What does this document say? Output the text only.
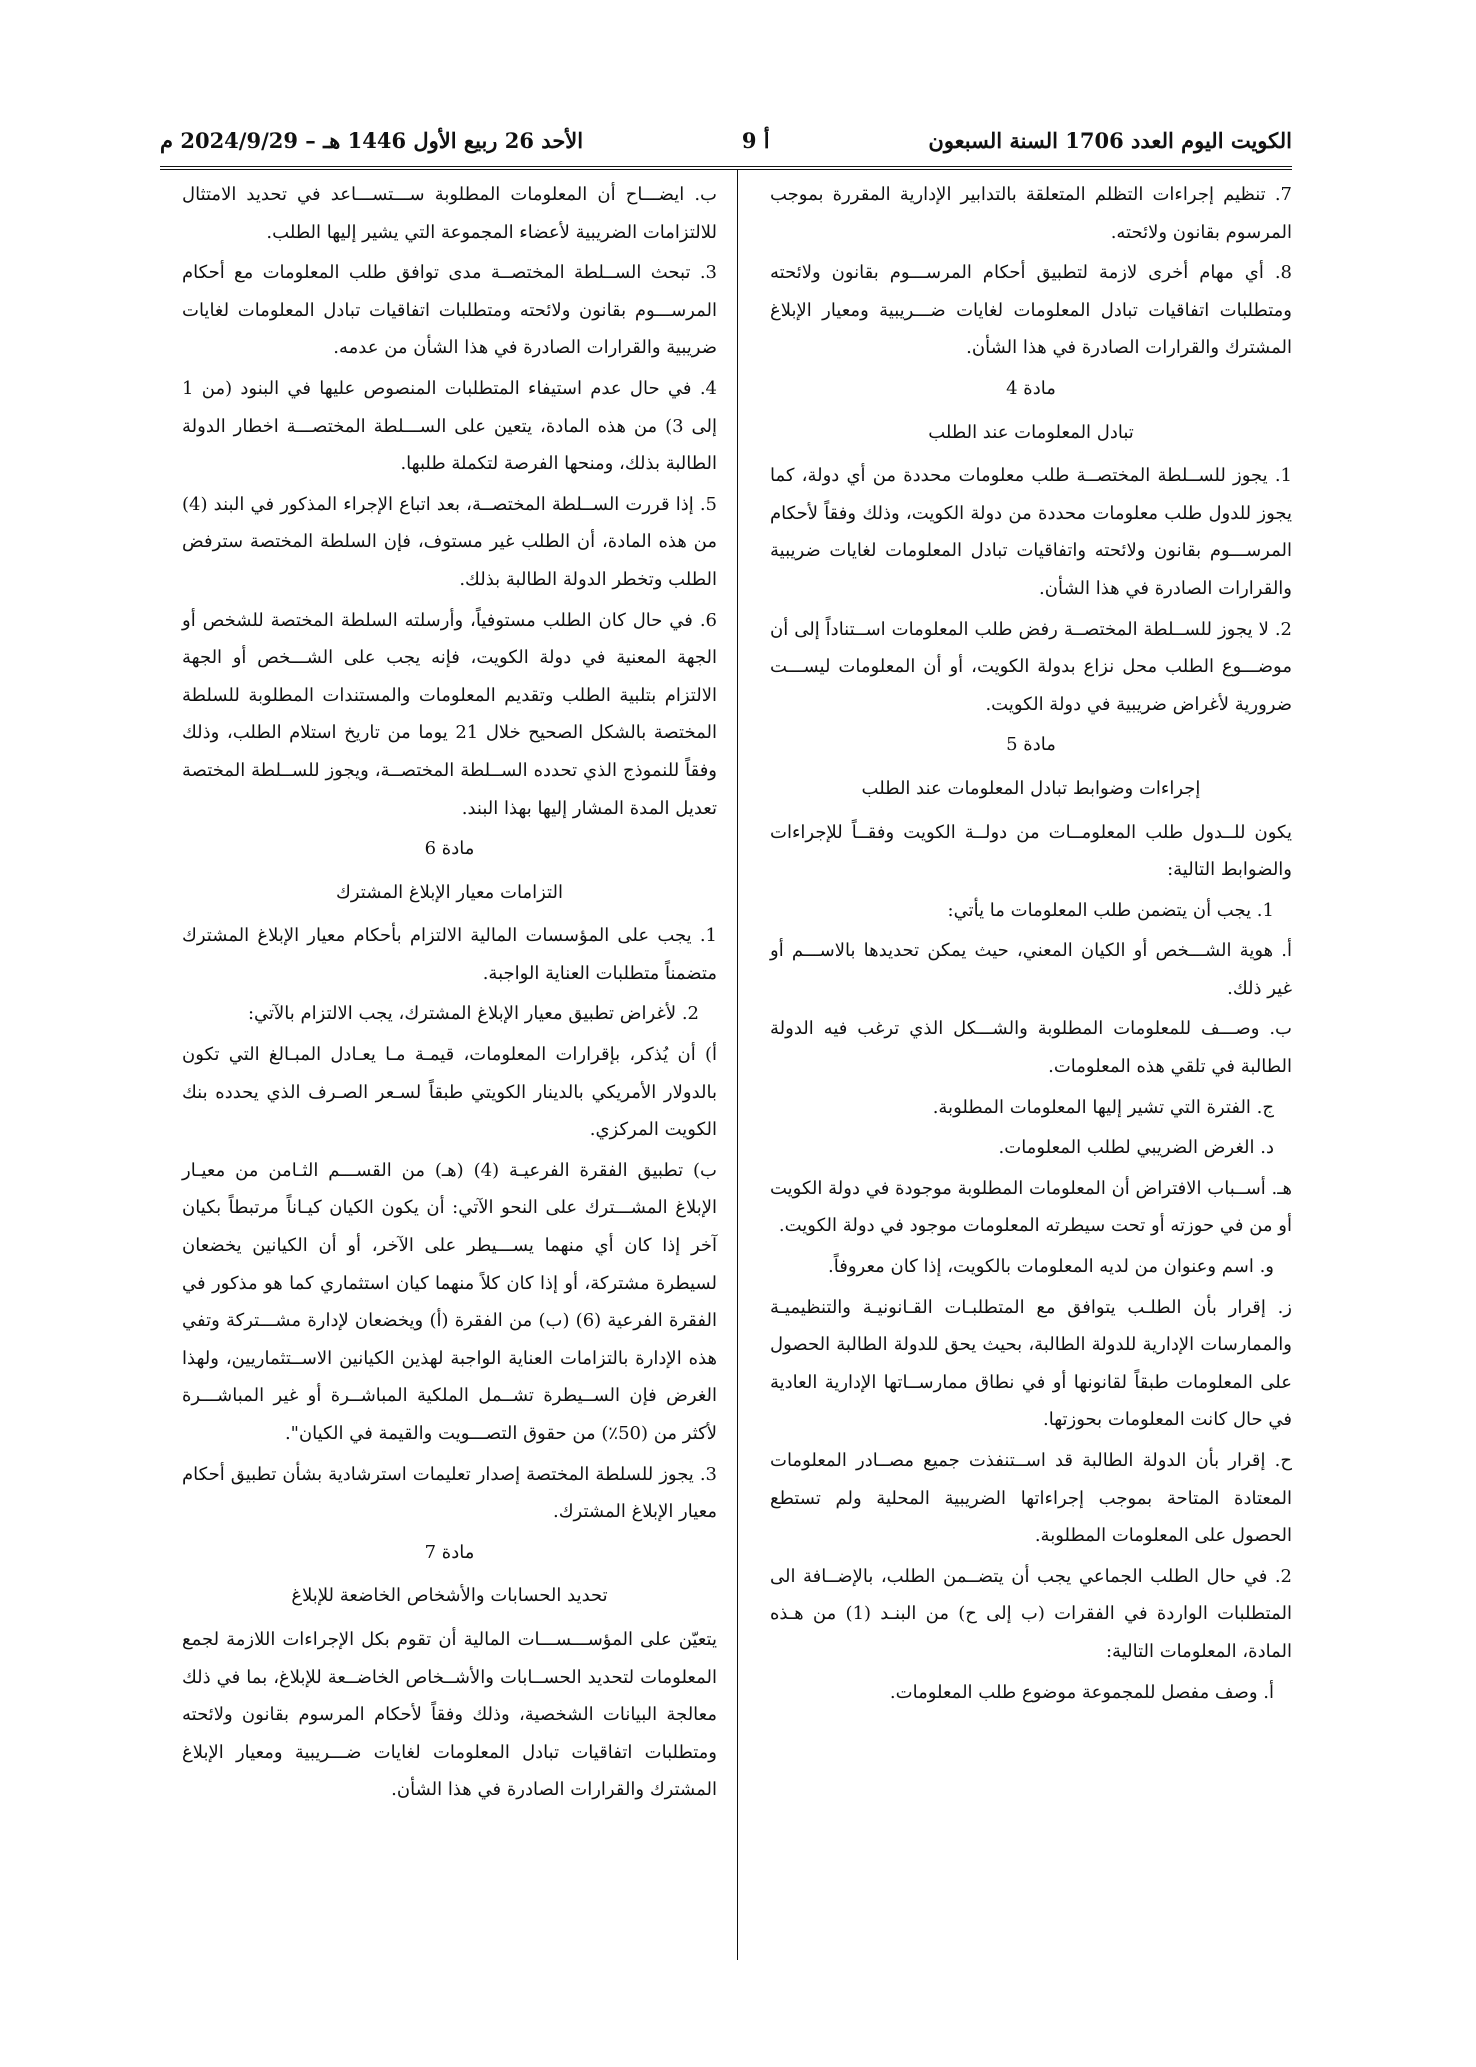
الكويت اليوم العدد 1706 السنة السبعون
أ 9
الأحد 26 ربيع الأول 1446 هـ – 2024/9/29 م

7. تنظيم إجراءات التظلم المتعلقة بالتدابير الإدارية المقررة بموجب المرسوم بقانون ولائحته.

8. أي مهام أخرى لازمة لتطبيق أحكام المرســـوم بقانون ولائحته ومتطلبات اتفاقيات تبادل المعلومات لغايات ضـــريبية ومعيار الإبلاغ المشترك والقرارات الصادرة في هذا الشأن.

مادة 4

تبادل المعلومات عند الطلب

1. يجوز للســلطة المختصــة طلب معلومات محددة من أي دولة، كما يجوز للدول طلب معلومات محددة من دولة الكويت، وذلك وفقاً لأحكام المرســـوم بقانون ولائحته واتفاقيات تبادل المعلومات لغايات ضريبية والقرارات الصادرة في هذا الشأن.

2. لا يجوز للســلطة المختصــة رفض طلب المعلومات اســتناداً إلى أن موضـــوع الطلب محل نزاع بدولة الكويت، أو أن المعلومات ليســـت ضرورية لأغراض ضريبية في دولة الكويت.

مادة 5

إجراءات وضوابط تبادل المعلومات عند الطلب

يكون للــدول طلب المعلومــات من دولــة الكويت وفقــاً للإجراءات والضوابط التالية:

1. يجب أن يتضمن طلب المعلومات ما يأتي:

أ. هوية الشـــخص أو الكيان المعني، حيث يمكن تحديدها بالاســـم أو غير ذلك.

ب. وصـــف للمعلومات المطلوبة والشـــكل الذي ترغب فيه الدولة الطالبة في تلقي هذه المعلومات.

ج. الفترة التي تشير إليها المعلومات المطلوبة.

د. الغرض الضريبي لطلب المعلومات.

هـ. أســباب الافتراض أن المعلومات المطلوبة موجودة في دولة الكويت أو من في حوزته أو تحت سيطرته المعلومات موجود في دولة الكويت.

و. اسم وعنوان من لديه المعلومات بالكويت، إذا كان معروفاً.

ز. إقرار بأن الطلـب يتوافق مع المتطلبـات القـانونيـة والتنظيميـة والممارسات الإدارية للدولة الطالبة، بحيث يحق للدولة الطالبة الحصول على المعلومات طبقاً لقانونها أو في نطاق ممارســاتها الإدارية العادية في حال كانت المعلومات بحوزتها.

ح. إقرار بأن الدولة الطالبة قد اســتنفذت جميع مصــادر المعلومات المعتادة المتاحة بموجب إجراءاتها الضريبية المحلية ولم تستطع الحصول على المعلومات المطلوبة.

2. في حال الطلب الجماعي يجب أن يتضــمن الطلب، بالإضــافة الى المتطلبات الواردة في الفقرات (ب إلى ح) من البنـد (1) من هـذه المادة، المعلومات التالية:

أ. وصف مفصل للمجموعة موضوع طلب المعلومات.

ب. ايضـــاح أن المعلومات المطلوبة ســـتســـاعد في تحديد الامتثال للالتزامات الضريبية لأعضاء المجموعة التي يشير إليها الطلب.

3. تبحث الســلطة المختصــة مدى توافق طلب المعلومات مع أحكام المرســـوم بقانون ولائحته ومتطلبات اتفاقيات تبادل المعلومات لغايات ضريبية والقرارات الصادرة في هذا الشأن من عدمه.

4. في حال عدم استيفاء المتطلبات المنصوص عليها في البنود (من 1 إلى 3) من هذه المادة، يتعين على الســـلطة المختصـــة اخطار الدولة الطالبة بذلك، ومنحها الفرصة لتكملة طلبها.

5. إذا قررت الســلطة المختصــة، بعد اتباع الإجراء المذكور في البند (4) من هذه المادة، أن الطلب غير مستوف، فإن السلطة المختصة سترفض الطلب وتخطر الدولة الطالبة بذلك.

6. في حال كان الطلب مستوفياً، وأرسلته السلطة المختصة للشخص أو الجهة المعنية في دولة الكويت، فإنه يجب على الشـــخص أو الجهة الالتزام بتلبية الطلب وتقديم المعلومات والمستندات المطلوبة للسلطة المختصة بالشكل الصحيح خلال 21 يوما من تاريخ استلام الطلب، وذلك وفقاً للنموذج الذي تحدده الســلطة المختصــة، ويجوز للســلطة المختصة تعديل المدة المشار إليها بهذا البند.

مادة 6

التزامات معيار الإبلاغ المشترك

1. يجب على المؤسسات المالية الالتزام بأحكام معيار الإبلاغ المشترك متضمناً متطلبات العناية الواجبة.

2. لأغراض تطبيق معيار الإبلاغ المشترك، يجب الالتزام بالآتي:

أ) أن يُذكر، بإقرارات المعلومات، قيمـة مـا يعـادل المبـالغ التي تكون بالدولار الأمريكي بالدينار الكويتي طبقاً لسـعر الصـرف الذي يحدده بنك الكويت المركزي.

ب) تطبيق الفقرة الفرعيـة (4) (هـ) من القســـم الثـامن من معيـار الإبلاغ المشـــترك على النحو الآتي: أن يكون الكيان كيـاناً مرتبطاً بكيان آخر إذا كان أي منهما يســـيطر على الآخر، أو أن الكيانين يخضعان لسيطرة مشتركة، أو إذا كان كلاً منهما كيان استثماري كما هو مذكور في الفقرة الفرعية (6) (ب) من الفقرة (أ) ويخضعان لإدارة مشـــتركة وتفي هذه الإدارة بالتزامات العناية الواجبة لهذين الكيانين الاســتثماريين، ولهذا الغرض فإن الســيطرة تشــمل الملكية المباشــرة أو غير المباشـــرة لأكثر من (50٪) من حقوق التصـــويت والقيمة في الكيان".

3. يجوز للسلطة المختصة إصدار تعليمات استرشادية بشأن تطبيق أحكام معيار الإبلاغ المشترك.

مادة 7

تحديد الحسابات والأشخاص الخاضعة للإبلاغ

يتعيّن على المؤســـســـات المالية أن تقوم بكل الإجراءات اللازمة لجمع المعلومات لتحديد الحســابات والأشــخاص الخاضــعة للإبلاغ، بما في ذلك معالجة البيانات الشخصية، وذلك وفقاً لأحكام المرسوم بقانون ولائحته ومتطلبات اتفاقيات تبادل المعلومات لغايات ضـــريبية ومعيار الإبلاغ المشترك والقرارات الصادرة في هذا الشأن.
